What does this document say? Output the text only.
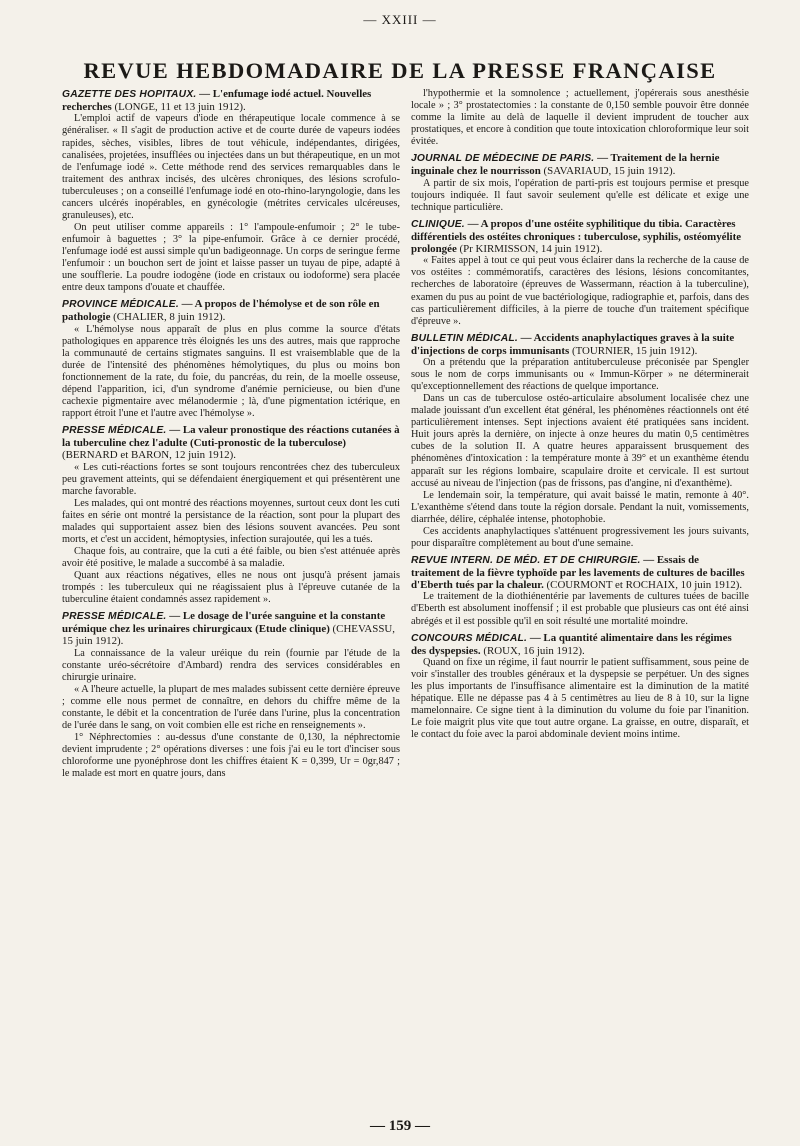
— XXIII —
REVUE HEBDOMADAIRE DE LA PRESSE FRANÇAISE
GAZETTE DES HOPITAUX. — L'enfumage iodé actuel. Nouvelles recherches (LONGE, 11 et 13 juin 1912).

L'emploi actif de vapeurs d'iode en thérapeutique locale commence à se généraliser. « Il s'agit de production active et de courte durée de vapeurs iodées rapides, sèches, visibles, libres de tout véhicule, indépendantes, dirigées, canalisées, projetées, insufflées ou injectées dans un but thérapeutique, en un mot de l'enfumage iodé ». Cette méthode rend des services remarquables dans le traitement des anthrax incisés, des ulcères chroniques, des lésions scrofulo-tuberculeuses ; on a conseillé l'enfumage iodé en oto-rhino-laryngologie, dans les cancers ulcérés inopérables, en gynécologie (métrites cervicales ulcéreuses, granuleuses), etc.

On peut utiliser comme appareils : 1° l'ampoule-enfumoir ; 2° le tube-enfumoir à baguettes ; 3° la pipe-enfumoir. Grâce à ce dernier procédé, l'enfumage iodé est aussi simple qu'un badigeonnage. Un corps de seringue ferme l'enfumoir : un bouchon sert de joint et laisse passer un tuyau de pipe, adapté à une soufflerie. La poudre iodogène (iode en cristaux ou iodoforme) sera placée entre deux tampons d'ouate et chauffée.

PROVINCE MÉDICALE. — A propos de l'hémolyse et de son rôle en pathologie (CHALIER, 8 juin 1912).

« L'hémolyse nous apparaît de plus en plus comme la source d'états pathologiques en apparence très éloignés les uns des autres, mais que rapproche la communauté de certains stigmates sanguins. Il est vraisemblable que de la durée de l'intensité des phénomènes hémolytiques, du plus ou moins bon fonctionnement de la rate, du foie, du pancréas, du rein, de la moelle osseuse, dépend l'apparition, ici, d'un syndrome d'anémie pernicieuse, ou bien d'une cachexie pigmentaire avec mélanodermie ; là, d'une pigmentation ictérique, en rapport étroit l'une et l'autre avec l'hémolyse ».

PRESSE MÉDICALE. — La valeur pronostique des réactions cutanées à la tuberculine chez l'adulte (Cuti-pronostic de la tuberculose) (BERNARD et BARON, 12 juin 1912).

« Les cuti-réactions fortes se sont toujours rencontrées chez des tuberculeux peu gravement atteints, qui se défendaient énergiquement et qui présentèrent une marche favorable.

Les malades, qui ont montré des réactions moyennes, surtout ceux dont les cuti faites en série ont montré la persistance de la réaction, sont pour la plupart des malades qui supportaient assez bien des lésions souvent avancées. Peu sont morts, et c'est un accident, hémoptysies, infection surajoutée, qui les a tués.

Chaque fois, au contraire, que la cuti a été faible, ou bien s'est atténuée après avoir été positive, le malade a succombé à sa maladie.

Quant aux réactions négatives, elles ne nous ont jusqu'à présent jamais trompés : les tuberculeux qui ne réagissaient plus à l'épreuve cutanée de la tuberculine étaient condamnés assez rapidement ».

PRESSE MÉDICALE. — Le dosage de l'urée sanguine et la constante urémique chez les urinaires chirurgicaux (Etude clinique) (CHEVASSU, 15 juin 1912).

La connaissance de la valeur uréique du rein (fournie par l'étude de la constante uréo-sécrétoire d'Ambard) rendra des services considérables en chirurgie urinaire.

« A l'heure actuelle, la plupart de mes malades subissent cette dernière épreuve ; comme elle nous permet de connaître, en dehors du chiffre même de la constante, le débit et la concentration de l'urée dans l'urine, plus la concentration de l'urée dans le sang, on voit combien elle est riche en renseignements ».

1° Néphrectomies : au-dessus d'une constante de 0,130, la néphrectomie devient imprudente ; 2° opérations diverses : une fois j'ai eu le tort d'inciser sous chloroforme une pyonéphrose dont les chiffres étaient K = 0,399, Ur = 0gr,847 ; le malade est mort en quatre jours, dans

l'hypothermie et la somnolence ; actuellement, j'opérerais sous anesthésie locale » ; 3° prostatectomies : la constante de 0,150 semble pouvoir être donnée comme la limite au delà de laquelle il devient imprudent de toucher aux prostatiques, et encore à condition que toute intoxication chloroformique leur soit évitée.

JOURNAL DE MÉDECINE DE PARIS. — Traitement de la hernie inguinale chez le nourrisson (SAVARIAUD, 15 juin 1912).

A partir de six mois, l'opération de parti-pris est toujours permise et presque toujours indiquée. Il faut savoir seulement qu'elle est délicate et exige une technique particulière.

CLINIQUE. — A propos d'une ostéite syphilitique du tibia. Caractères différentiels des ostéites chroniques : tuberculose, syphilis, ostéomyélite prolongée (Pr KIRMISSON, 14 juin 1912).

« Faites appel à tout ce qui peut vous éclairer dans la recherche de la cause de vos ostéites : commémoratifs, caractères des lésions, lésions concomitantes, recherches de laboratoire (épreuves de Wassermann, réaction à la tuberculine), examen du pus au point de vue bactériologique, radiographie et, parfois, dans des cas particulièrement difficiles, à la pierre de touche d'un traitement spécifique d'épreuve ».

BULLETIN MÉDICAL. — Accidents anaphylactiques graves à la suite d'injections de corps immunisants (TOURNIER, 15 juin 1912).

On a prétendu que la préparation antituberculeuse préconisée par Spengler sous le nom de corps immunisants ou « Immun-Körper » ne déterminerait qu'exceptionnellement des réactions de quelque importance.

Dans un cas de tuberculose ostéo-articulaire absolument localisée chez une malade jouissant d'un excellent état général, les phénomènes réactionnels ont été particulièrement intenses. Sept injections avaient été pratiquées sans incident. Huit jours après la dernière, on injecte à onze heures du matin 0,5 centimètres cubes de la solution II. A quatre heures apparaissent brusquement des phénomènes d'intoxication : la température monte à 39° et un exanthème étendu apparaît sur les régions lombaire, scapulaire droite et cervicale. Il est surtout accusé au niveau de l'injection (pas de frissons, pas d'angine, ni d'exanthème).

Le lendemain soir, la température, qui avait baissé le matin, remonte à 40°. L'exanthème s'étend dans toute la région dorsale. Pendant la nuit, vomissements, diarrhée, délire, céphalée intense, photophobie.

Ces accidents anaphylactiques s'atténuent progressivement les jours suivants, pour disparaître complètement au bout d'une semaine.

REVUE INTERN. DE MÉD. ET DE CHIRURGIE. — Essais de traitement de la fièvre typhoïde par les lavements de cultures de bacilles d'Eberth tués par la chaleur. (COURMONT et ROCHAIX, 10 juin 1912).

Le traitement de la diothiénentérie par lavements de cultures tuées de bacille d'Eberth est absolument inoffensif ; il est probable que plusieurs cas ont été ainsi abrégés et il est possible qu'il en soit résulté une mortalité moindre.

CONCOURS MÉDICAL. — La quantité alimentaire dans les régimes des dyspepsies. (ROUX, 16 juin 1912).

Quand on fixe un régime, il faut nourrir le patient suffisamment, sous peine de voir s'installer des troubles généraux et la dyspepsie se perpétuer. Un des signes les plus importants de l'insuffisance alimentaire est la diminution de la matité hépatique. Elle ne dépasse pas 4 à 5 centimètres au lieu de 8 à 10, sur la ligne mamelonnaire. Ce signe tient à la diminution du volume du foie par l'inanition. Le foie maigrit plus vite que tout autre organe. La graisse, en outre, disparaît, et le contact du foie avec la paroi abdominale devient moins intime.

— 159 —
